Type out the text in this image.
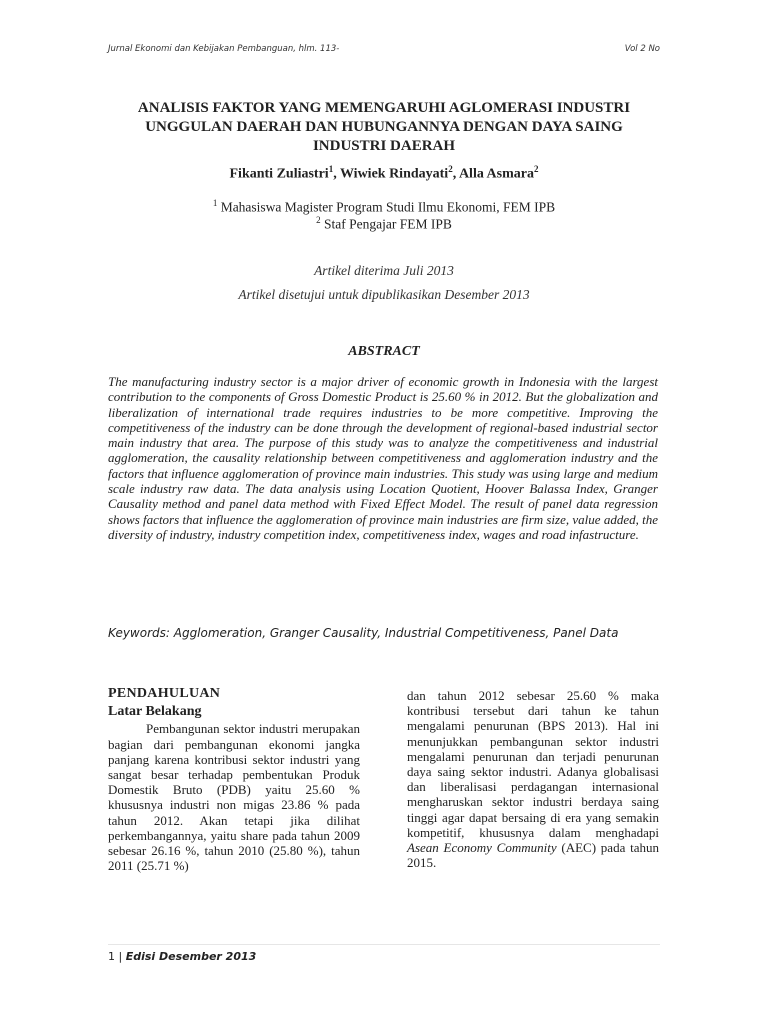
Jurnal Ekonomi dan Kebijakan Pembanguan, hlm. 113-	Vol 2 No
ANALISIS FAKTOR YANG MEMENGARUHI AGLOMERASI INDUSTRI
UNGGULAN DAERAH DAN HUBUNGANNYA DENGAN DAYA SAING
INDUSTRI DAERAH
Fikanti Zuliastri$^1$, Wiwiek Rindayati$^2$, Alla Asmara$^2$
$^1$ Mahasiswa Magister Program Studi Ilmu Ekonomi, FEM IPB
$^2$ Staf Pengajar FEM IPB
Artikel diterima Juli 2013
Artikel disetujui untuk dipublikasikan Desember 2013
ABSTRACT
The manufacturing industry sector is a major driver of economic growth in Indonesia with the largest contribution to the components of Gross Domestic Product is 25.60 % in 2012. But the globalization and liberalization of international trade requires industries to be more competitive. Improving the competitiveness of the industry can be done through the development of regional-based industrial sector main industry that area. The purpose of this study was to analyze the competitiveness and industrial agglomeration, the causality relationship between competitiveness and agglomeration industry and the factors that influence agglomeration of province main industries. This study was using large and medium scale industry raw data. The data analysis using Location Quotient, Hoover Balassa Index, Granger Causality method and panel data method with Fixed Effect Model. The result of panel data regression shows factors that influence the agglomeration of province main industries are firm size, value added, the diversity of industry, industry competition index, competitiveness index, wages and road infastructure.
Keywords: Agglomeration, Granger Causality, Industrial Competitiveness, Panel Data
PENDAHULUAN
Latar Belakang

Pembangunan sektor industri merupakan bagian dari pembangunan ekonomi jangka panjang karena kontribusi sektor industri yang sangat besar terhadap pembentukan Produk Domestik Bruto (PDB) yaitu 25.60 % khususnya industri non migas 23.86 % pada tahun 2012. Akan tetapi jika dilihat perkembangannya, yaitu share pada tahun 2009 sebesar 26.16 %, tahun 2010 (25.80 %), tahun 2011 (25.71 %)

dan tahun 2012 sebesar 25.60 % maka kontribusi tersebut dari tahun ke tahun mengalami penurunan (BPS 2013). Hal ini menunjukkan pembangunan sektor industri mengalami penurunan dan terjadi penurunan daya saing sektor industri. Adanya globalisasi dan liberalisasi perdagangan internasional mengharuskan sektor industri berdaya saing tinggi agar dapat bersaing di era yang semakin kompetitif, khususnya dalam menghadapi Asean Economy Community (AEC) pada tahun 2015.

1 | Edisi Desember 2013
